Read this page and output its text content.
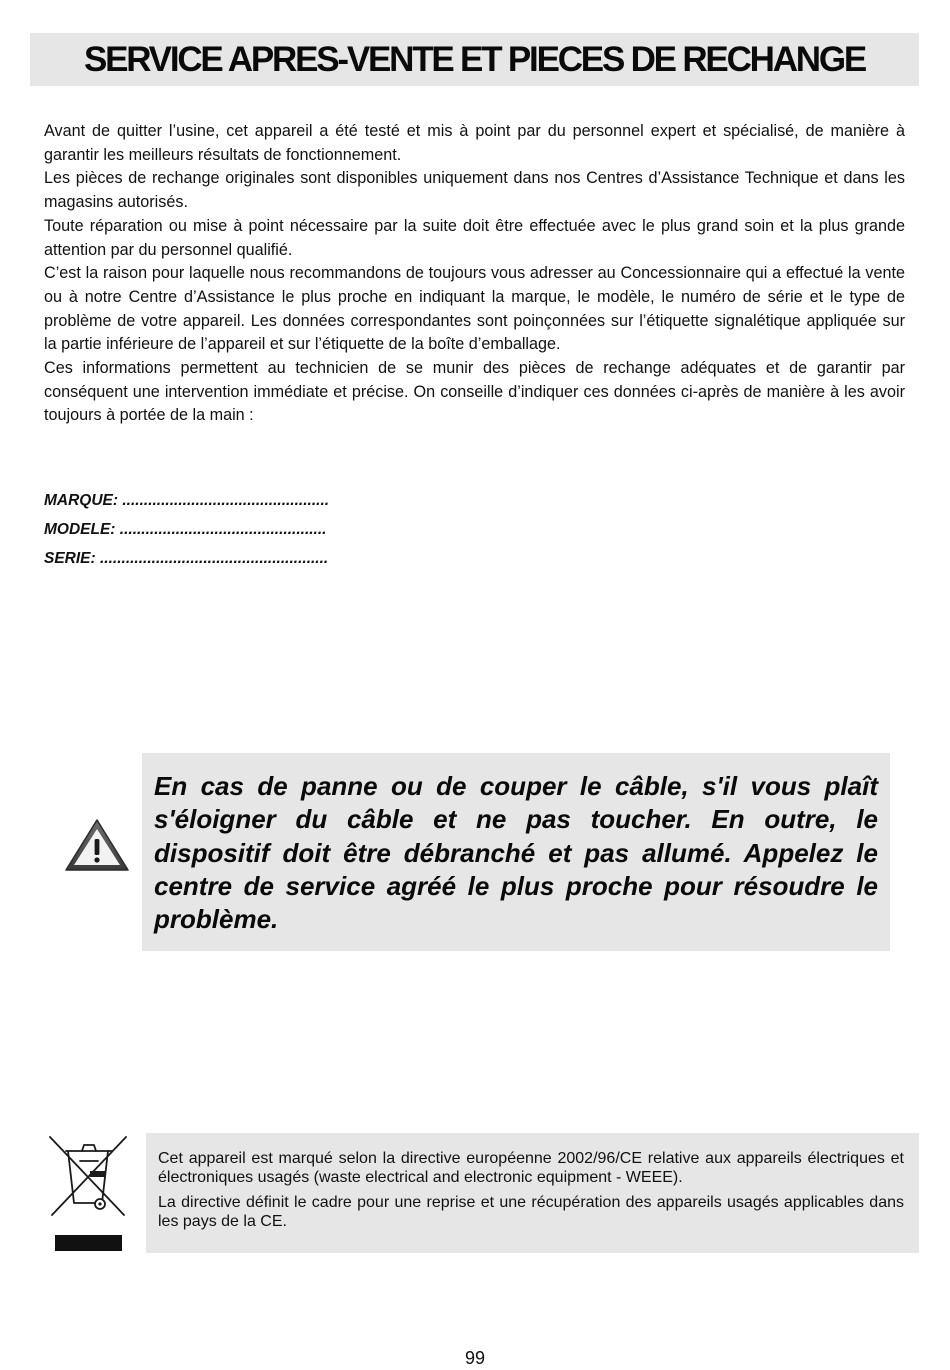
SERVICE APRES-VENTE ET PIECES DE RECHANGE

Avant de quitter l’usine, cet appareil a été testé et mis à point par du personnel expert et spécialisé, de manière à garantir les meilleurs résultats de fonctionnement.

Les pièces de rechange originales sont disponibles uniquement dans nos Centres d’Assistance Technique et dans les magasins autorisés.

Toute réparation ou mise à point nécessaire par la suite doit être effectuée avec le plus grand soin et la plus grande attention par du personnel qualifié.

C’est la raison pour laquelle nous recommandons de toujours vous adresser au Concessionnaire qui a effectué la vente ou à notre Centre d’Assistance le plus proche en indiquant la marque, le modèle, le numéro de série et le type de problème de votre appareil. Les données correspondantes sont poinçonnées sur l’étiquette signalétique appliquée sur la partie inférieure de l’appareil et sur l’étiquette de la boîte d’emballage.

Ces informations permettent au technicien de se munir des pièces de rechange adéquates et de garantir par conséquent une intervention immédiate et précise. On conseille d’indiquer ces données ci-après de manière à les avoir toujours à portée de la main :

MARQUE: ................................................
MODELE: ................................................
SERIE: .....................................................
En cas de panne ou de couper le câble, s'il vous plaît s'éloigner du câble et ne pas toucher. En outre, le dispositif doit être débranché et pas allumé. Appelez le centre de service agréé le plus proche pour résoudre le problème.

Cet appareil est marqué selon la directive européenne 2002/96/CE relative aux appareils électriques et électroniques usagés (waste electrical and electronic equipment - WEEE).

La directive définit le cadre pour une reprise et une récupération des appareils usagés applicables dans les pays de la CE.

99
